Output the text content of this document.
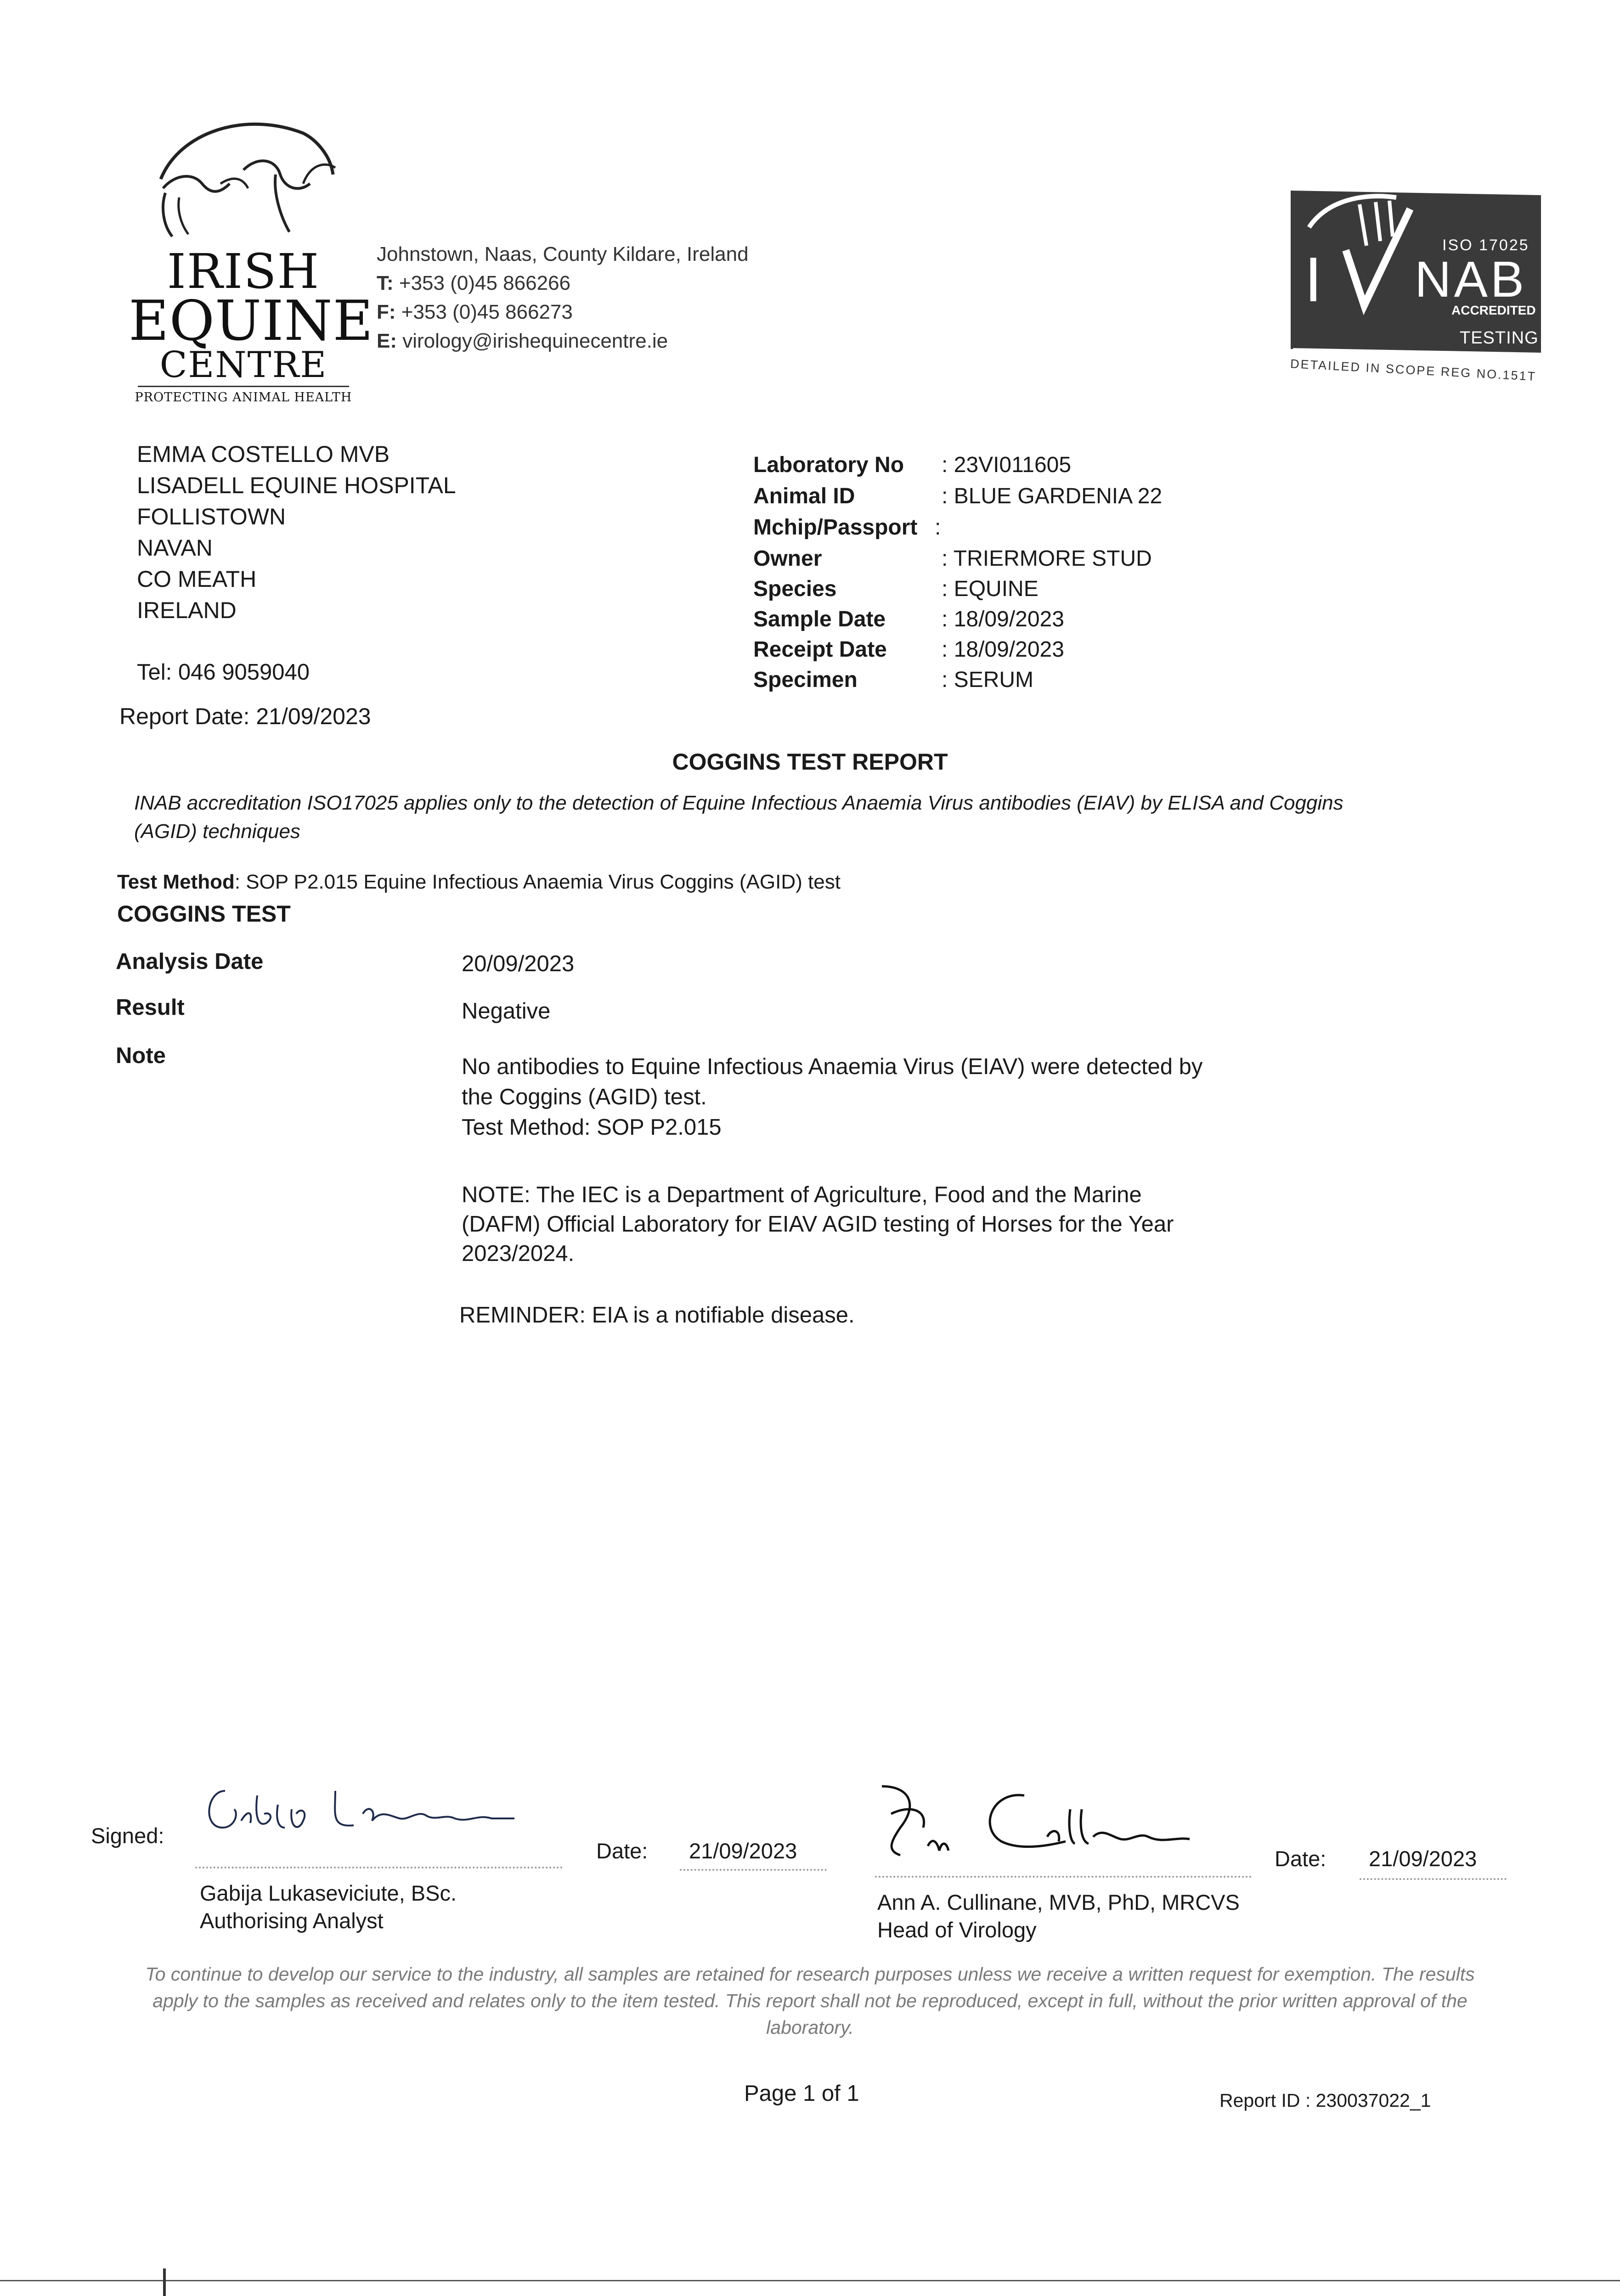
IRISH
EQUINE
CENTRE
PROTECTING ANIMAL HEALTH
Johnstown, Naas, County Kildare, Ireland
T: +353 (0)45 866266
F: +353 (0)45 866273
E: virology@irishequinecentre.ie
ISO 17025
I NAB
ACCREDITED
TESTING
DETAILED IN SCOPE REG NO.151T
EMMA COSTELLO MVB
LISADELL EQUINE HOSPITAL
FOLLISTOWN
NAVAN
CO MEATH
IRELAND
Tel: 046 9059040
Report Date: 21/09/2023
Laboratory No : 23VI011605
Animal ID	: BLUE GARDENIA 22
Mchip/Passport :
Owner	: TRIERMORE STUD
Species	: EQUINE
Sample Date	: 18/09/2023
Receipt Date : 18/09/2023
Specimen	: SERUM
COGGINS TEST REPORT
INAB accreditation ISO17025 applies only to the detection of Equine Infectious Anaemia Virus antibodies (EIAV) by ELISA and Coggins (AGID) techniques
Test Method: SOP P2.015 Equine Infectious Anaemia Virus Coggins (AGID) test
COGGINS TEST
Analysis Date	20/09/2023
Result	Negative
Note	No antibodies to Equine Infectious Anaemia Virus (EIAV) were detected by
the Coggins (AGID) test.
Test Method: SOP P2.015
NOTE: The IEC is a Department of Agriculture, Food and the Marine
(DAFM) Official Laboratory for EIAV AGID testing of Horses for the Year
2023/2024.
REMINDER: EIA is a notifiable disease.
Signed:
Date: 21/09/2023
Gabija Lukaseviciute, BSc.
Authorising Analyst
Date: 21/09/2023
Ann A. Cullinane, MVB, PhD, MRCVS
Head of Virology
To continue to develop our service to the industry, all samples are retained for research purposes unless we receive a written request for exemption. The results apply to the samples as received and relates only to the item tested. This report shall not be reproduced, except in full, without the prior written approval of the laboratory.
Page 1 of 1	Report ID : 230037022_1
